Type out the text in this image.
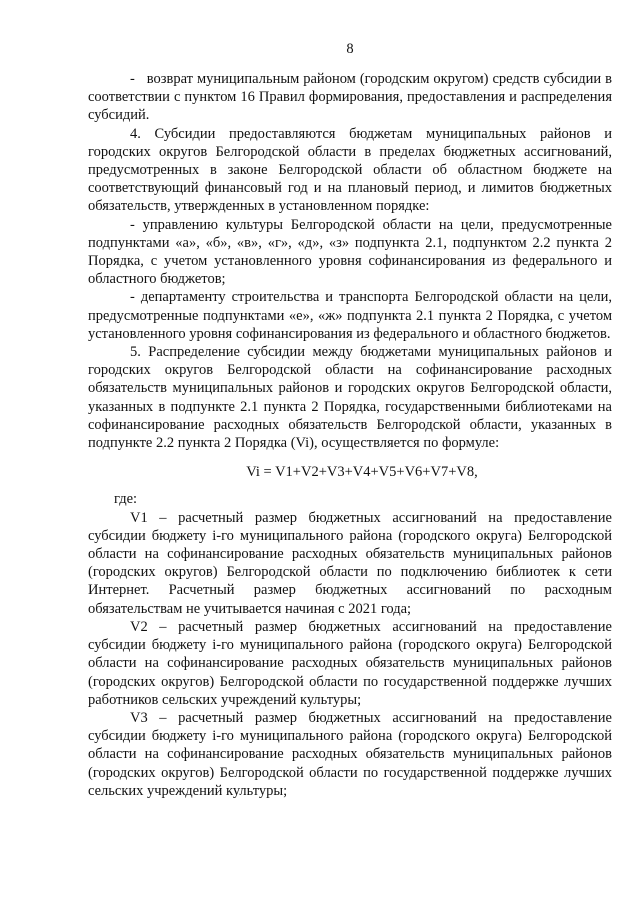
8

-   возврат муниципальным районом (городским округом) средств субсидии в соответствии с пунктом 16 Правил формирования, предоставления и распределения субсидий.

4. Субсидии предоставляются бюджетам муниципальных районов и городских округов Белгородской области в пределах бюджетных ассигнований, предусмотренных в законе Белгородской области об областном бюджете на соответствующий финансовый год и на плановый период, и лимитов бюджетных обязательств, утвержденных в установленном порядке:

- управлению культуры Белгородской области на цели, предусмотренные подпунктами «а», «б», «в», «г», «д», «з» подпункта 2.1, подпунктом 2.2 пункта 2 Порядка, с учетом установленного уровня софинансирования из федерального и областного бюджетов;

- департаменту строительства и транспорта Белгородской области на цели, предусмотренные подпунктами «е», «ж» подпункта 2.1 пункта 2 Порядка, с учетом установленного уровня софинансирования из федерального и областного бюджетов.

5. Распределение субсидии между бюджетами муниципальных районов и городских округов Белгородской области на софинансирование расходных обязательств муниципальных районов и городских округов Белгородской области, указанных в подпункте 2.1 пункта 2 Порядка, государственными библиотеками на софинансирование расходных обязательств Белгородской области, указанных в подпункте 2.2 пункта 2 Порядка (Vi), осуществляется по формуле:

Vi = V1+V2+V3+V4+V5+V6+V7+V8,

где:

V1 – расчетный размер бюджетных ассигнований на предоставление субсидии бюджету i-го муниципального района (городского округа) Белгородской области на софинансирование расходных обязательств муниципальных районов (городских округов) Белгородской области по подключению библиотек к сети Интернет. Расчетный размер бюджетных ассигнований по расходным обязательствам не учитывается начиная с 2021 года;

V2 – расчетный размер бюджетных ассигнований на предоставление субсидии бюджету i-го муниципального района (городского округа) Белгородской области на софинансирование расходных обязательств муниципальных районов (городских округов) Белгородской области по государственной поддержке лучших работников сельских учреждений культуры;

V3 – расчетный размер бюджетных ассигнований на предоставление субсидии бюджету i-го муниципального района (городского округа) Белгородской области на софинансирование расходных обязательств муниципальных районов (городских округов) Белгородской области по государственной поддержке лучших сельских учреждений культуры;
